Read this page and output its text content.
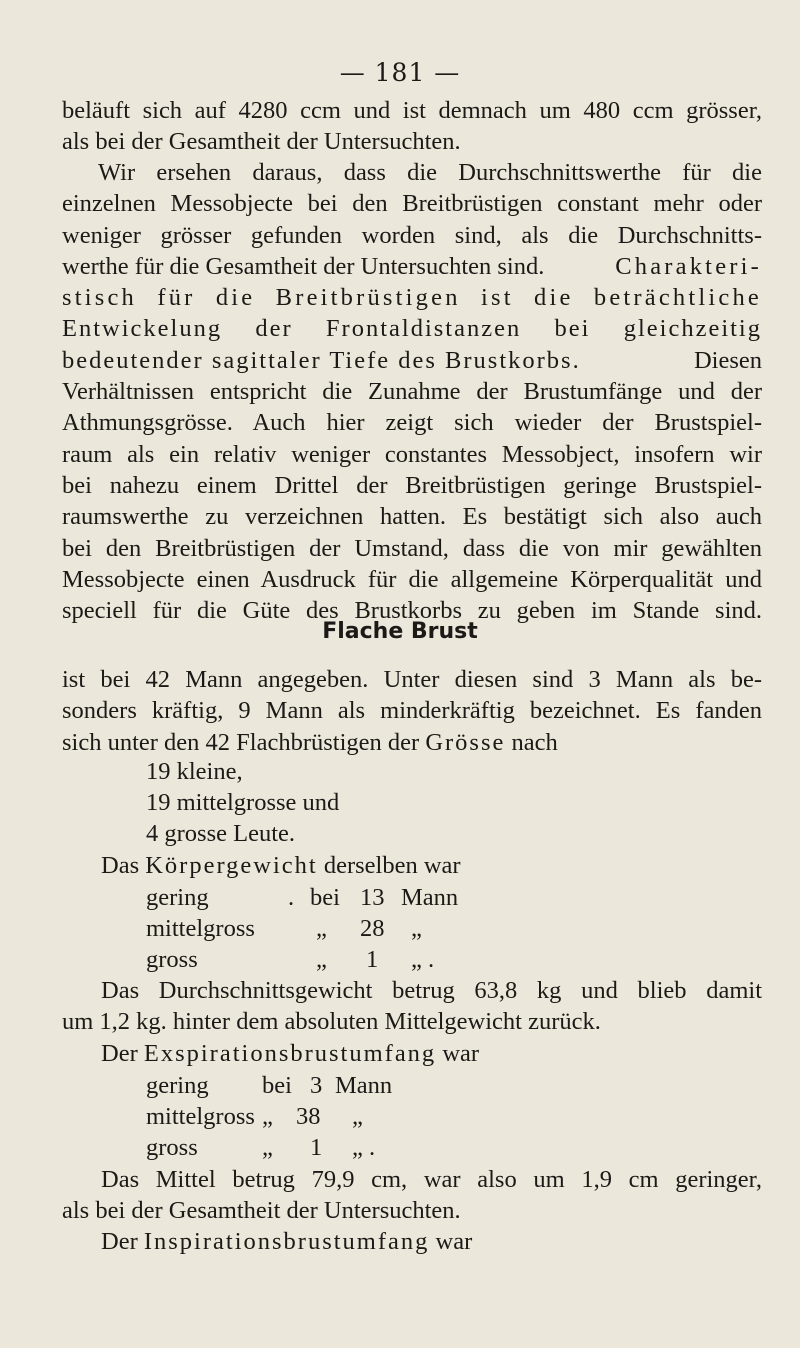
— 181 —

beläuft sich auf 4280 ccm und ist demnach um 480 ccm grösser,

als bei der Gesamtheit der Untersuchten.

Wir ersehen daraus, dass die Durchschnittswerthe für die
einzelnen Messobjecte bei den Breitbrüstigen constant mehr oder
weniger grösser gefunden worden sind, als die Durchschnitts-
werthe für die Gesamtheit der Untersuchten sind.	Charakteri-
stisch für die Breitbrüstigen ist die beträchtliche
Entwickelung der Frontaldistanzen bei gleichzeitig
bedeutender sagittaler Tiefe des Brustkorbs.	Diesen
Verhältnissen entspricht die Zunahme der Brustumfänge und der
Athmungsgrösse. Auch hier zeigt sich wieder der Brustspiel-
raum als ein relativ weniger constantes Messobject, insofern wir
bei nahezu einem Drittel der Breitbrüstigen geringe Brustspiel-
raumswerthe zu verzeichnen hatten. Es bestätigt sich also auch
bei den Breitbrüstigen der Umstand, dass die von mir gewählten
Messobjecte einen Ausdruck für die allgemeine Körperqualität und
speciell für die Güte des Brustkorbs zu geben im Stande sind.
Flache Brust
ist bei 42 Mann angegeben. Unter diesen sind 3 Mann als be-
sonders kräftig, 9 Mann als minderkräftig bezeichnet. Es fanden
sich unter den 42 Flachbrüstigen der Grösse nach
19 kleine,
19 mittelgrosse und
4 grosse Leute.
Das Körpergewicht derselben war
gering	. bei 13 Mann
mittelgross „ 28 „
gross	„ 1 „ .
Das Durchschnittsgewicht betrug 63,8 kg und blieb damit
um 1,2 kg. hinter dem absoluten Mittelgewicht zurück.
Der Exspirationsbrustumfang war
gering bei 3 Mann
mittelgross „ 38 „
gross	„ 1 „ .
Das Mittel betrug 79,9 cm, war also um 1,9 cm geringer,
als bei der Gesamtheit der Untersuchten.
Der Inspirationsbrustumfang war
